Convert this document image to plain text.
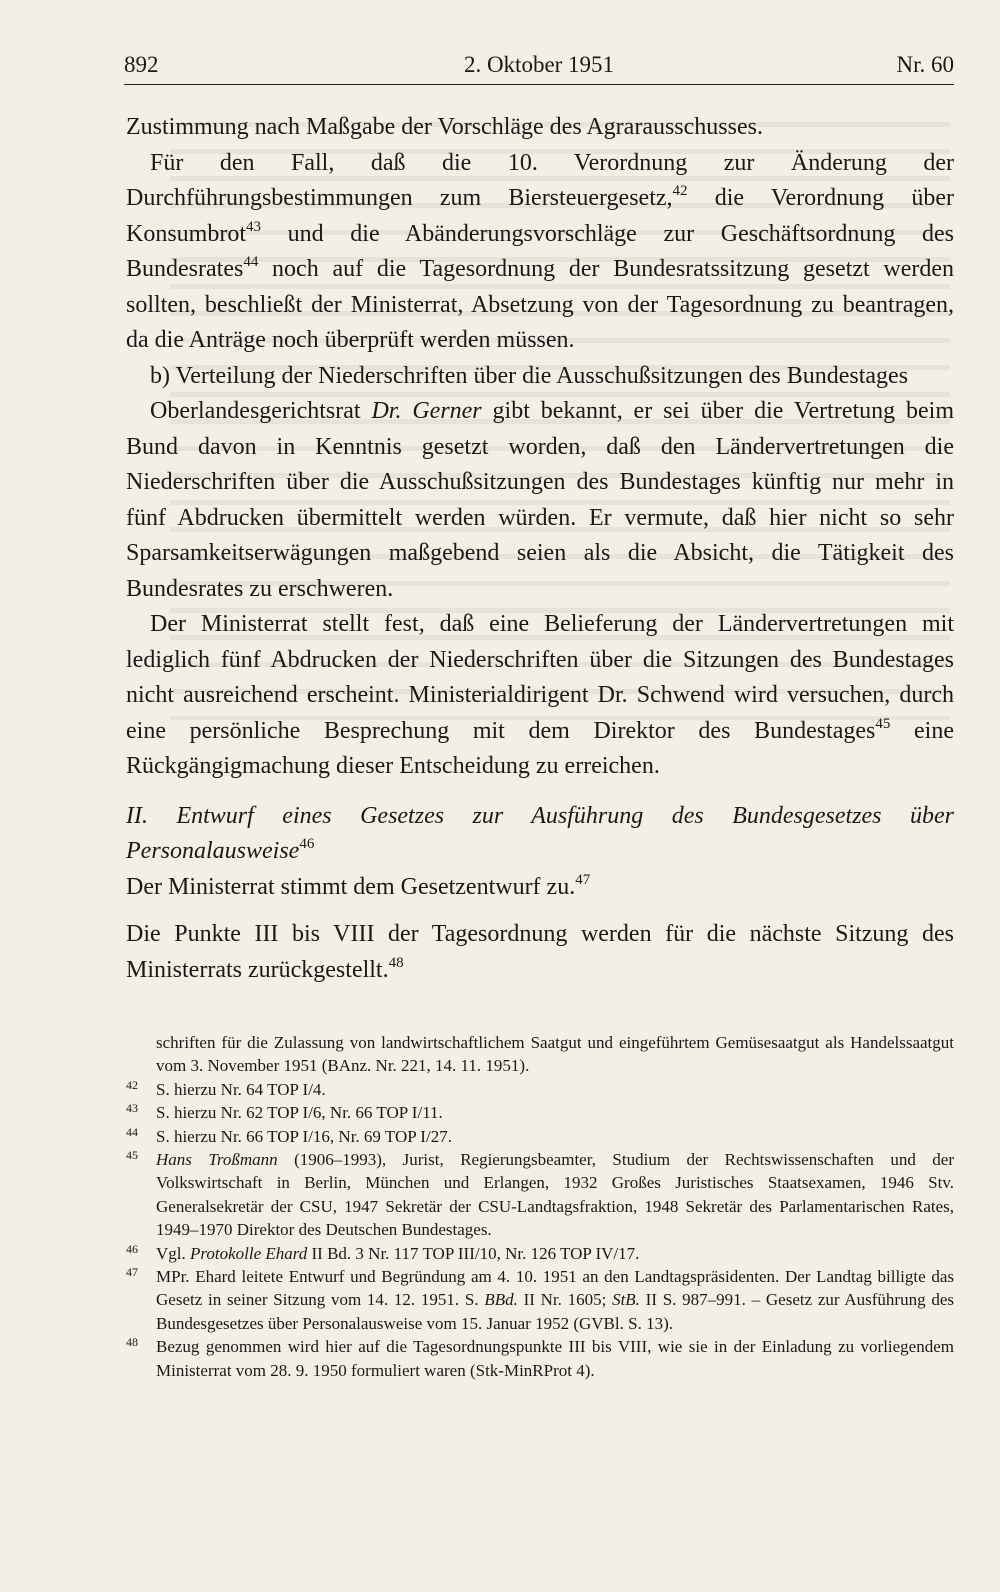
892	2. Oktober 1951	Nr. 60

Zustimmung nach Maßgabe der Vorschläge des Agrarausschusses.

Für den Fall, daß die 10. Verordnung zur Änderung der Durchführungsbestimmungen zum Biersteuergesetz,$^{42}$ die Verordnung über Konsumbrot$^{43}$ und die Abänderungsvorschläge zur Geschäftsordnung des Bundesrates$^{44}$ noch auf die Tagesordnung der Bundesratssitzung gesetzt werden sollten, beschließt der Ministerrat, Absetzung von der Tagesordnung zu beantragen, da die Anträge noch überprüft werden müssen.

b) Verteilung der Niederschriften über die Ausschußsitzungen des Bundestages

Oberlandesgerichtsrat Dr. Gerner gibt bekannt, er sei über die Vertretung beim Bund davon in Kenntnis gesetzt worden, daß den Ländervertretungen die Niederschriften über die Ausschußsitzungen des Bundestages künftig nur mehr in fünf Abdrucken übermittelt werden würden. Er vermute, daß hier nicht so sehr Sparsamkeitserwägungen maßgebend seien als die Absicht, die Tätigkeit des Bundesrates zu erschweren.

Der Ministerrat stellt fest, daß eine Belieferung der Ländervertretungen mit lediglich fünf Abdrucken der Niederschriften über die Sitzungen des Bundestages nicht ausreichend erscheint. Ministerialdirigent Dr. Schwend wird versuchen, durch eine persönliche Besprechung mit dem Direktor des Bundestages$^{45}$ eine Rückgängigmachung dieser Entscheidung zu erreichen.

II. Entwurf eines Gesetzes zur Ausführung des Bundesgesetzes über Personalausweise$^{46}$

Der Ministerrat stimmt dem Gesetzentwurf zu.$^{47}$

Die Punkte III bis VIII der Tagesordnung werden für die nächste Sitzung des Ministerrats zurückgestellt.$^{48}$

schriften für die Zulassung von landwirtschaftlichem Saatgut und eingeführtem Gemüsesaatgut als Handelssaatgut vom 3. November 1951 (BAnz. Nr. 221, 14. 11. 1951).

42 S. hierzu Nr. 64 TOP I/4.

43 S. hierzu Nr. 62 TOP I/6, Nr. 66 TOP I/11.

44 S. hierzu Nr. 66 TOP I/16, Nr. 69 TOP I/27.

45 Hans Troßmann (1906–1993), Jurist, Regierungsbeamter, Studium der Rechtswissenschaften und der Volkswirtschaft in Berlin, München und Erlangen, 1932 Großes Juristisches Staatsexamen, 1946 Stv. Generalsekretär der CSU, 1947 Sekretär der CSU-Landtagsfraktion, 1948 Sekretär des Parlamentarischen Rates, 1949–1970 Direktor des Deutschen Bundestages.

46 Vgl. Protokolle Ehard II Bd. 3 Nr. 117 TOP III/10, Nr. 126 TOP IV/17.

47 MPr. Ehard leitete Entwurf und Begründung am 4. 10. 1951 an den Landtagspräsidenten. Der Landtag billigte das Gesetz in seiner Sitzung vom 14. 12. 1951. S. BBd. II Nr. 1605; StB. II S. 987–991. – Gesetz zur Ausführung des Bundesgesetzes über Personalausweise vom 15. Januar 1952 (GVBl. S. 13).

48 Bezug genommen wird hier auf die Tagesordnungspunkte III bis VIII, wie sie in der Einladung zu vorliegendem Ministerrat vom 28. 9. 1950 formuliert waren (Stk-MinRProt 4).
